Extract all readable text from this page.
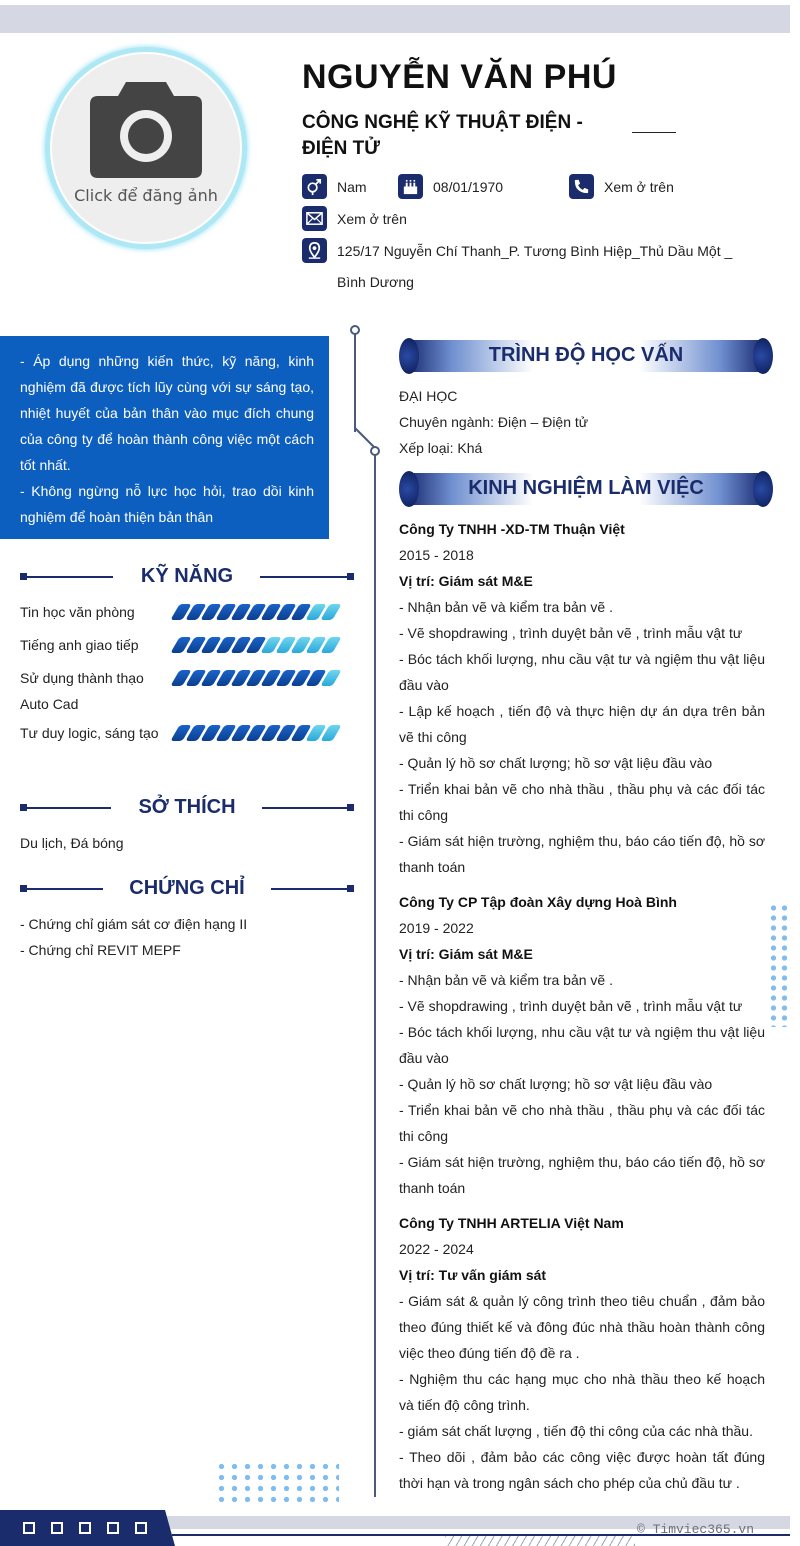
Click để đăng ảnh
NGUYỄN VĂN PHÚ
CÔNG NGHỆ KỸ THUẬT ĐIỆN -
ĐIỆN TỬ
Nam	08/01/1970	Xem ở trên
Xem ở trên
125/17 Nguyễn Chí Thanh_P. Tương Bình Hiệp_Thủ Dầu Một _
Bình Dương
- Áp dụng những kiến thức, kỹ năng, kinh nghiệm đã được tích lũy cùng với sự sáng tạo, nhiệt huyết của bản thân vào mục đích chung của công ty để hoàn thành công việc một cách tốt nhất.
- Không ngừng nỗ lực học hỏi, trao dồi kinh nghiệm để hoàn thiện bản thân
KỸ NĂNG
Tin học văn phòng
Tiếng anh giao tiếp
Sử dụng thành thạo Auto Cad
Tư duy logic, sáng tạo
SỞ THÍCH
Du lịch, Đá bóng
CHỨNG CHỈ
- Chứng chỉ giám sát cơ điện hạng II
- Chứng chỉ REVIT MEPF
TRÌNH ĐỘ HỌC VẤN
ĐẠI HỌC
Chuyên ngành: Điện – Điện tử
Xếp loại: Khá
KINH NGHIỆM LÀM VIỆC
Công Ty TNHH -XD-TM Thuận Việt
2015 - 2018
Vị trí: Giám sát M&E
- Nhận bản vẽ và kiểm tra bản vẽ .
- Vẽ shopdrawing , trình duyệt bản vẽ , trình mẫu vật tư
- Bóc tách khối lượng, nhu cầu vật tư và ngiệm thu vật liệu đầu vào
- Lập kế hoạch , tiến độ và thực hiện dự án dựa trên bản vẽ thi công
- Quản lý hồ sơ chất lượng; hồ sơ vật liệu đầu vào
- Triển khai bản vẽ cho nhà thầu , thầu phụ và các đối tác thi công
- Giám sát hiện trường, nghiệm thu, báo cáo tiến độ, hồ sơ thanh toán
Công Ty CP Tập đoàn Xây dựng Hoà Bình
2019 - 2022
Vị trí: Giám sát M&E
- Nhận bản vẽ và kiểm tra bản vẽ .
- Vẽ shopdrawing , trình duyệt bản vẽ , trình mẫu vật tư
- Bóc tách khối lượng, nhu cầu vật tư và ngiệm thu vật liệu đầu vào
- Quản lý hồ sơ chất lượng; hồ sơ vật liệu đầu vào
- Triển khai bản vẽ cho nhà thầu , thầu phụ và các đối tác thi công
- Giám sát hiện trường, nghiệm thu, báo cáo tiến độ, hồ sơ thanh toán
Công Ty TNHH ARTELIA Việt Nam
2022 - 2024
Vị trí: Tư vấn giám sát
- Giám sát & quản lý công trình theo tiêu chuẩn , đảm bảo theo đúng thiết kế và đông đúc nhà thầu hoàn thành công việc theo đúng tiến độ đề ra .
- Nghiệm thu các hạng mục cho nhà thầu theo kế hoạch và tiến độ công trình.
- giám sát chất lượng , tiến độ thi công của các nhà thầu.
- Theo dõi , đảm bảo các công việc được hoàn tất đúng thời hạn và trong ngân sách cho phép của chủ đầu tư .
© Timviec365.vn
